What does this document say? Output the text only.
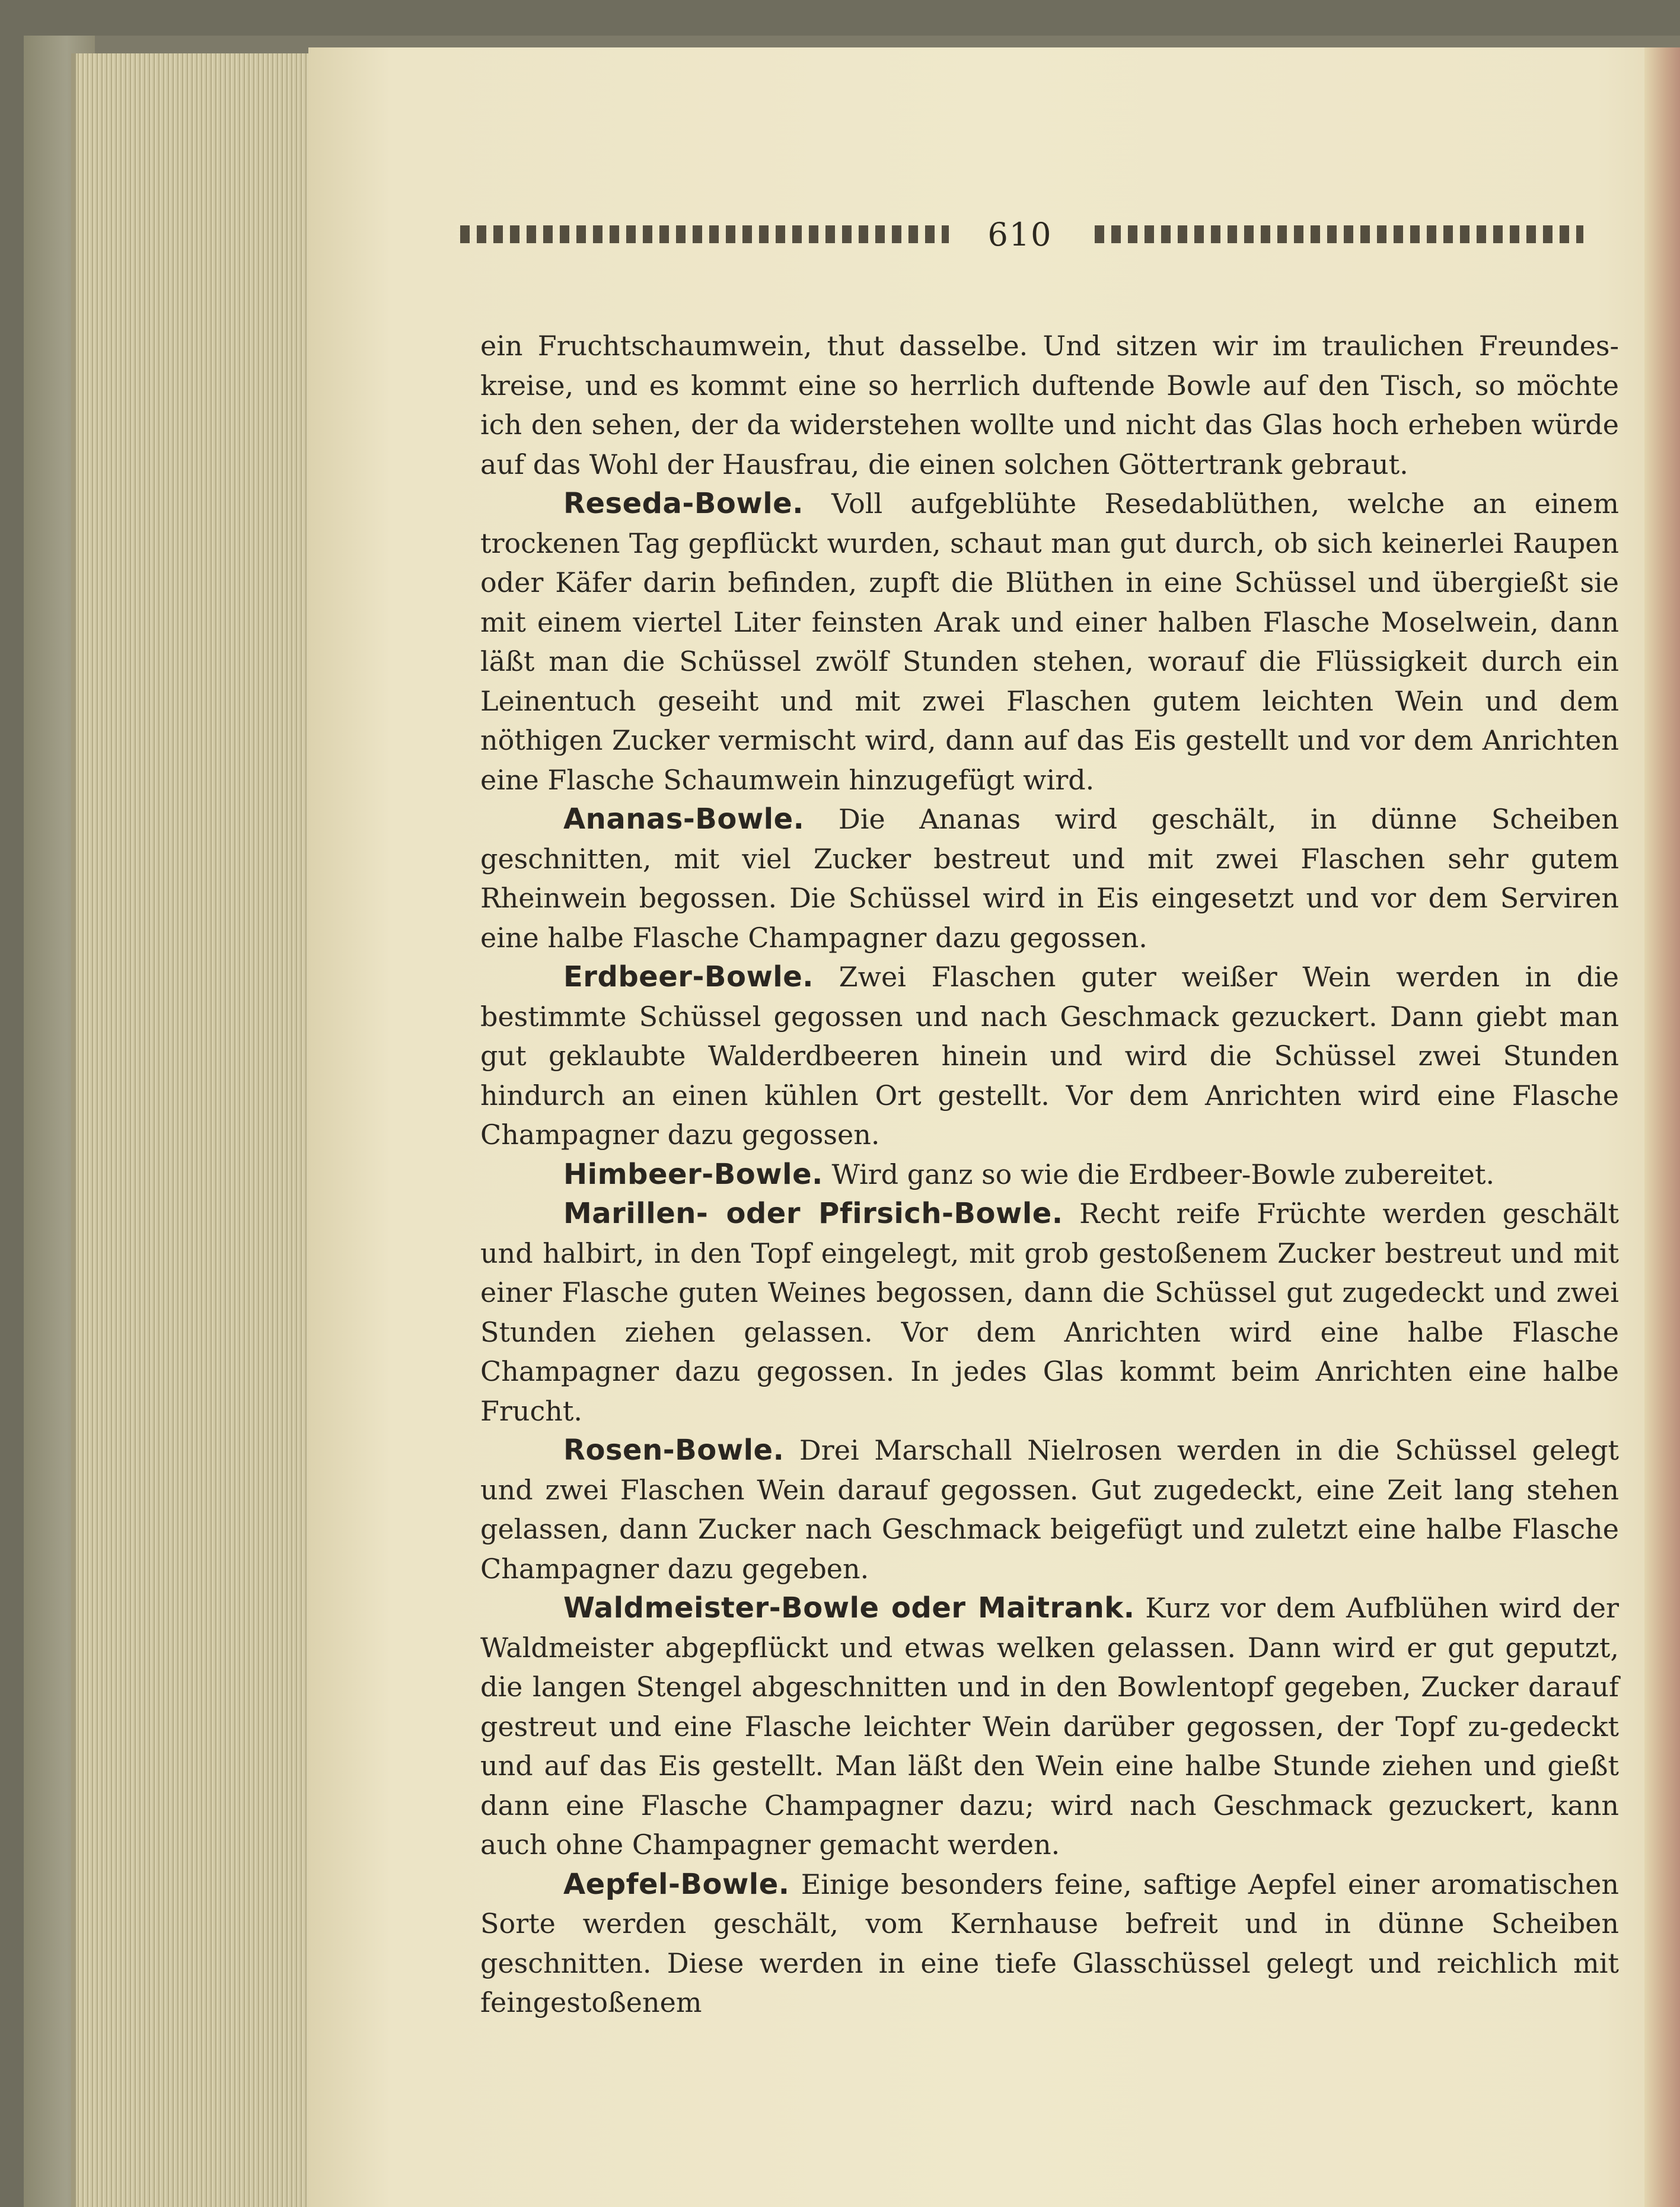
610

ein Fruchtschaumwein, thut dasselbe. Und sitzen wir im traulichen Freundes-kreise, und es kommt eine so herrlich duftende Bowle auf den Tisch, so möchte ich den sehen, der da widerstehen wollte und nicht das Glas hoch erheben würde auf das Wohl der Hausfrau, die einen solchen Göttertrank gebraut.

Reseda-Bowle. Voll aufgeblühte Resedablüthen, welche an einem trockenen Tag gepflückt wurden, schaut man gut durch, ob sich keinerlei Raupen oder Käfer darin befinden, zupft die Blüthen in eine Schüssel und übergießt sie mit einem viertel Liter feinsten Arak und einer halben Flasche Moselwein, dann läßt man die Schüssel zwölf Stunden stehen, worauf die Flüssigkeit durch ein Leinentuch geseiht und mit zwei Flaschen gutem leichten Wein und dem nöthigen Zucker vermischt wird, dann auf das Eis gestellt und vor dem Anrichten eine Flasche Schaumwein hinzugefügt wird.

Ananas-Bowle. Die Ananas wird geschält, in dünne Scheiben geschnitten, mit viel Zucker bestreut und mit zwei Flaschen sehr gutem Rheinwein begossen. Die Schüssel wird in Eis eingesetzt und vor dem Serviren eine halbe Flasche Champagner dazu gegossen.

Erdbeer-Bowle. Zwei Flaschen guter weißer Wein werden in die bestimmte Schüssel gegossen und nach Geschmack gezuckert. Dann giebt man gut geklaubte Walderdbeeren hinein und wird die Schüssel zwei Stunden hindurch an einen kühlen Ort gestellt. Vor dem Anrichten wird eine Flasche Champagner dazu gegossen.

Himbeer-Bowle. Wird ganz so wie die Erdbeer-Bowle zubereitet.

Marillen- oder Pfirsich-Bowle. Recht reife Früchte werden geschält und halbirt, in den Topf eingelegt, mit grob gestoßenem Zucker bestreut und mit einer Flasche guten Weines begossen, dann die Schüssel gut zugedeckt und zwei Stunden ziehen gelassen. Vor dem Anrichten wird eine halbe Flasche Champagner dazu gegossen. In jedes Glas kommt beim Anrichten eine halbe Frucht.

Rosen-Bowle. Drei Marschall Nielrosen werden in die Schüssel gelegt und zwei Flaschen Wein darauf gegossen. Gut zugedeckt, eine Zeit lang stehen gelassen, dann Zucker nach Geschmack beigefügt und zuletzt eine halbe Flasche Champagner dazu gegeben.

Waldmeister-Bowle oder Maitrank. Kurz vor dem Aufblühen wird der Waldmeister abgepflückt und etwas welken gelassen. Dann wird er gut geputzt, die langen Stengel abgeschnitten und in den Bowlentopf gegeben, Zucker darauf gestreut und eine Flasche leichter Wein darüber gegossen, der Topf zu-gedeckt und auf das Eis gestellt. Man läßt den Wein eine halbe Stunde ziehen und gießt dann eine Flasche Champagner dazu; wird nach Geschmack gezuckert, kann auch ohne Champagner gemacht werden.

Aepfel-Bowle. Einige besonders feine, saftige Aepfel einer aromatischen Sorte werden geschält, vom Kernhause befreit und in dünne Scheiben geschnitten. Diese werden in eine tiefe Glasschüssel gelegt und reichlich mit feingestoßenem
